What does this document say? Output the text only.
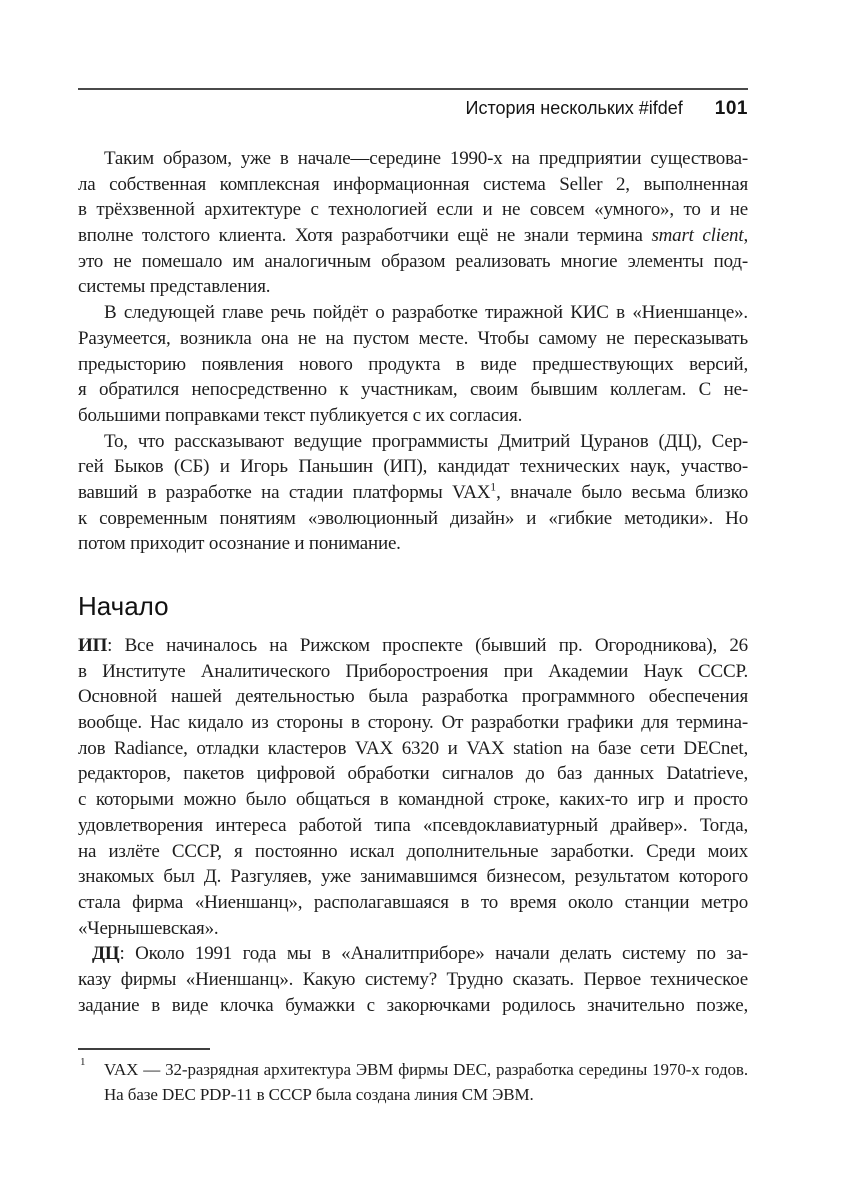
История нескольких #ifdef 101

Таким образом, уже в начале—середине 1990-х на предприятии существова-
ла собственная комплексная информационная система Seller 2, выполненная
в трёхзвенной архитектуре с технологией если и не совсем «умного», то и не
вполне толстого клиента. Хотя разработчики ещё не знали термина smart client,
это не помешало им аналогичным образом реализовать многие элементы под-
системы представления.

В следующей главе речь пойдёт о разработке тиражной КИС в «Ниеншанце».
Разумеется, возникла она не на пустом месте. Чтобы самому не пересказывать
предысторию появления нового продукта в виде предшествующих версий,
я обратился непосредственно к участникам, своим бывшим коллегам. С не-
большими поправками текст публикуется с их согласия.

То, что рассказывают ведущие программисты Дмитрий Цуранов (ДЦ), Сер-
гей Быков (СБ) и Игорь Паньшин (ИП), кандидат технических наук, участво-
вавший в разработке на стадии платформы VAX$^1$, вначале было весьма близко
к современным понятиям «эволюционный дизайн» и «гибкие методики». Но
потом приходит осознание и понимание.

Начало

ИП: Все начиналось на Рижском проспекте (бывший пр. Огородникова), 26
в Институте Аналитического Приборостроения при Академии Наук СССР.
Основной нашей деятельностью была разработка программного обеспечения
вообще. Нас кидало из стороны в сторону. От разработки графики для термина-
лов Radiance, отладки кластеров VAX 6320 и VAX station на базе сети DECnet,
редакторов, пакетов цифровой обработки сигналов до баз данных Datatrieve,
с которыми можно было общаться в командной строке, каких-то игр и просто
удовлетворения интереса работой типа «псевдоклавиатурный драйвер». Тогда,
на излёте СССР, я постоянно искал дополнительные заработки. Среди моих
знакомых был Д. Разгуляев, уже занимавшимся бизнесом, результатом которого
стала фирма «Ниеншанц», располагавшаяся в то время около станции метро
«Чернышевская».

ДЦ: Около 1991 года мы в «Аналитприборе» начали делать систему по за-
казу фирмы «Ниеншанц». Какую систему? Трудно сказать. Первое техническое
задание в виде клочка бумажки с закорючками родилось значительно позже,

1 VAX — 32-разрядная архитектура ЭВМ фирмы DEC, разработка середины 1970-х годов.
На базе DEC PDP-11 в СССР была создана линия СМ ЭВМ.
